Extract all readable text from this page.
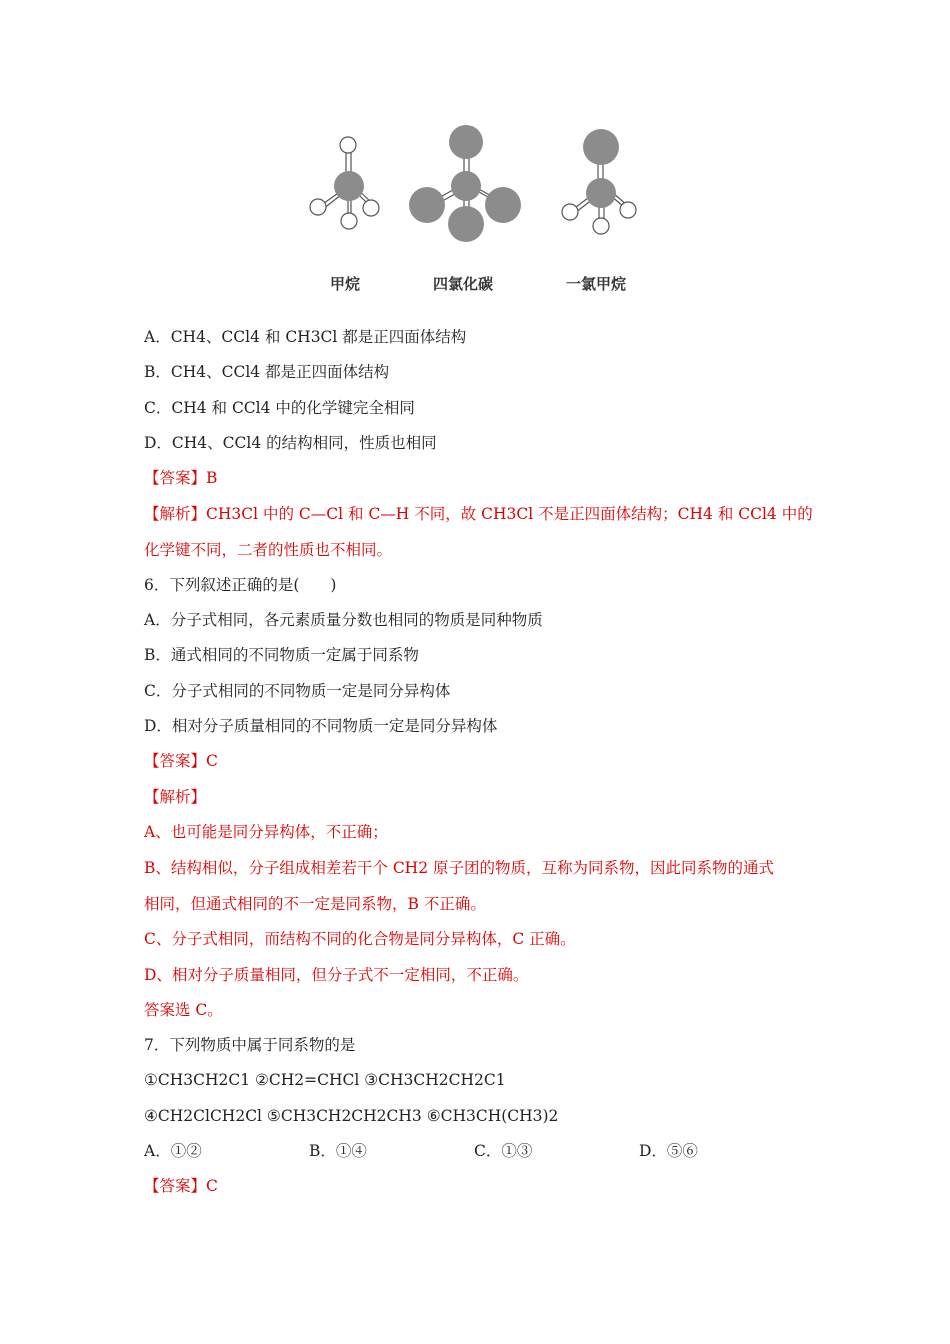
甲烷	四氯化碳	一氯甲烷
A．CH4、CCl4 和 CH3Cl 都是正四面体结构
B．CH4、CCl4 都是正四面体结构
C．CH4 和 CCl4 中的化学键完全相同
D．CH4、CCl4 的结构相同，性质也相同
【答案】B
【解析】CH3Cl 中的 C—Cl 和 C—H 不同，故 CH3Cl 不是正四面体结构；CH4 和 CCl4 中的
化学键不同，二者的性质也不相同。
6．下列叙述正确的是(　　)
A．分子式相同，各元素质量分数也相同的物质是同种物质
B．通式相同的不同物质一定属于同系物
C．分子式相同的不同物质一定是同分异构体
D．相对分子质量相同的不同物质一定是同分异构体
【答案】C
【解析】
A、也可能是同分异构体，不正确；
B、结构相似，分子组成相差若干个 CH2 原子团的物质，互称为同系物，因此同系物的通式
相同，但通式相同的不一定是同系物，B 不正确。
C、分子式相同，而结构不同的化合物是同分异构体，C 正确。
D、相对分子质量相同，但分子式不一定相同，不正确。
答案选 C。
7．下列物质中属于同系物的是
①CH3CH2C1 ②CH2=CHCl ③CH3CH2CH2C1
④CH2ClCH2Cl ⑤CH3CH2CH2CH3 ⑥CH3CH(CH3)2
A．①②	B．①④	C．①③	D．⑤⑥
【答案】C
